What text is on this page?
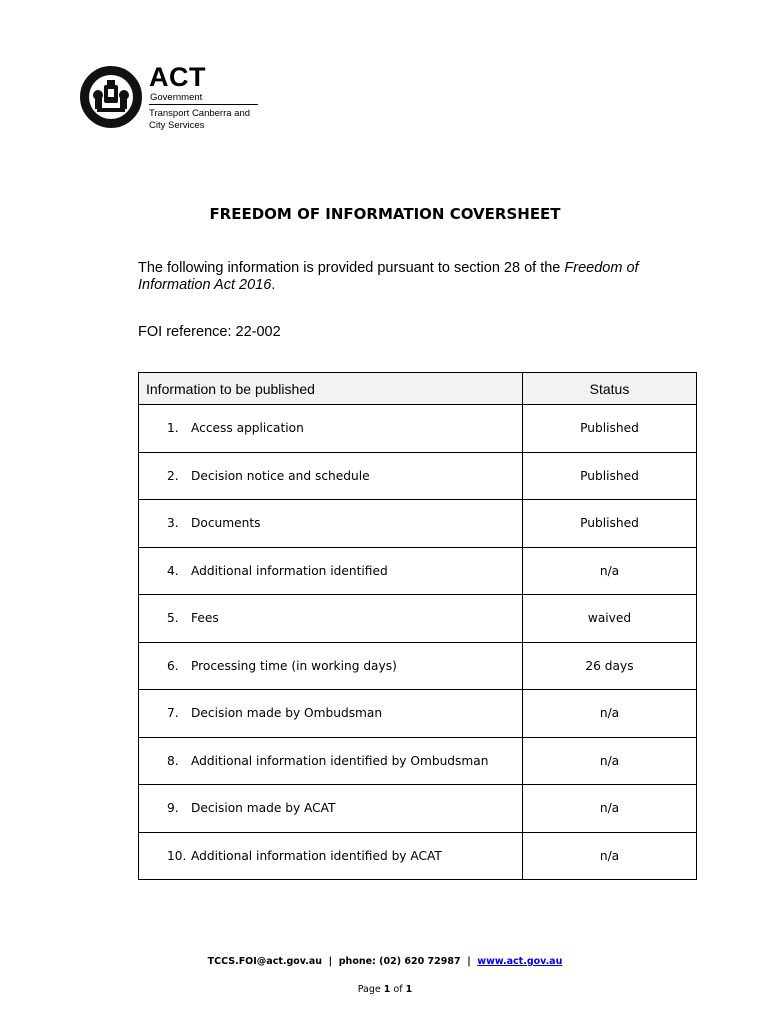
ACT
Government
Transport Canberra and
City Services
FREEDOM OF INFORMATION COVERSHEET
The following information is provided pursuant to section 28 of the Freedom of Information Act 2016.
FOI reference: 22-002
Information to be published	Status
1. Access application	Published
2. Decision notice and schedule	Published
3. Documents	Published
4. Additional information identified	n/a
5. Fees	waived
6. Processing time (in working days)	26 days
7. Decision made by Ombudsman	n/a
8. Additional information identified by Ombudsman	n/a
9. Decision made by ACAT	n/a
10. Additional information identified by ACAT	n/a
TCCS.FOI@act.gov.au | phone: (02) 620 72987 | www.act.gov.au
Page 1 of 1
